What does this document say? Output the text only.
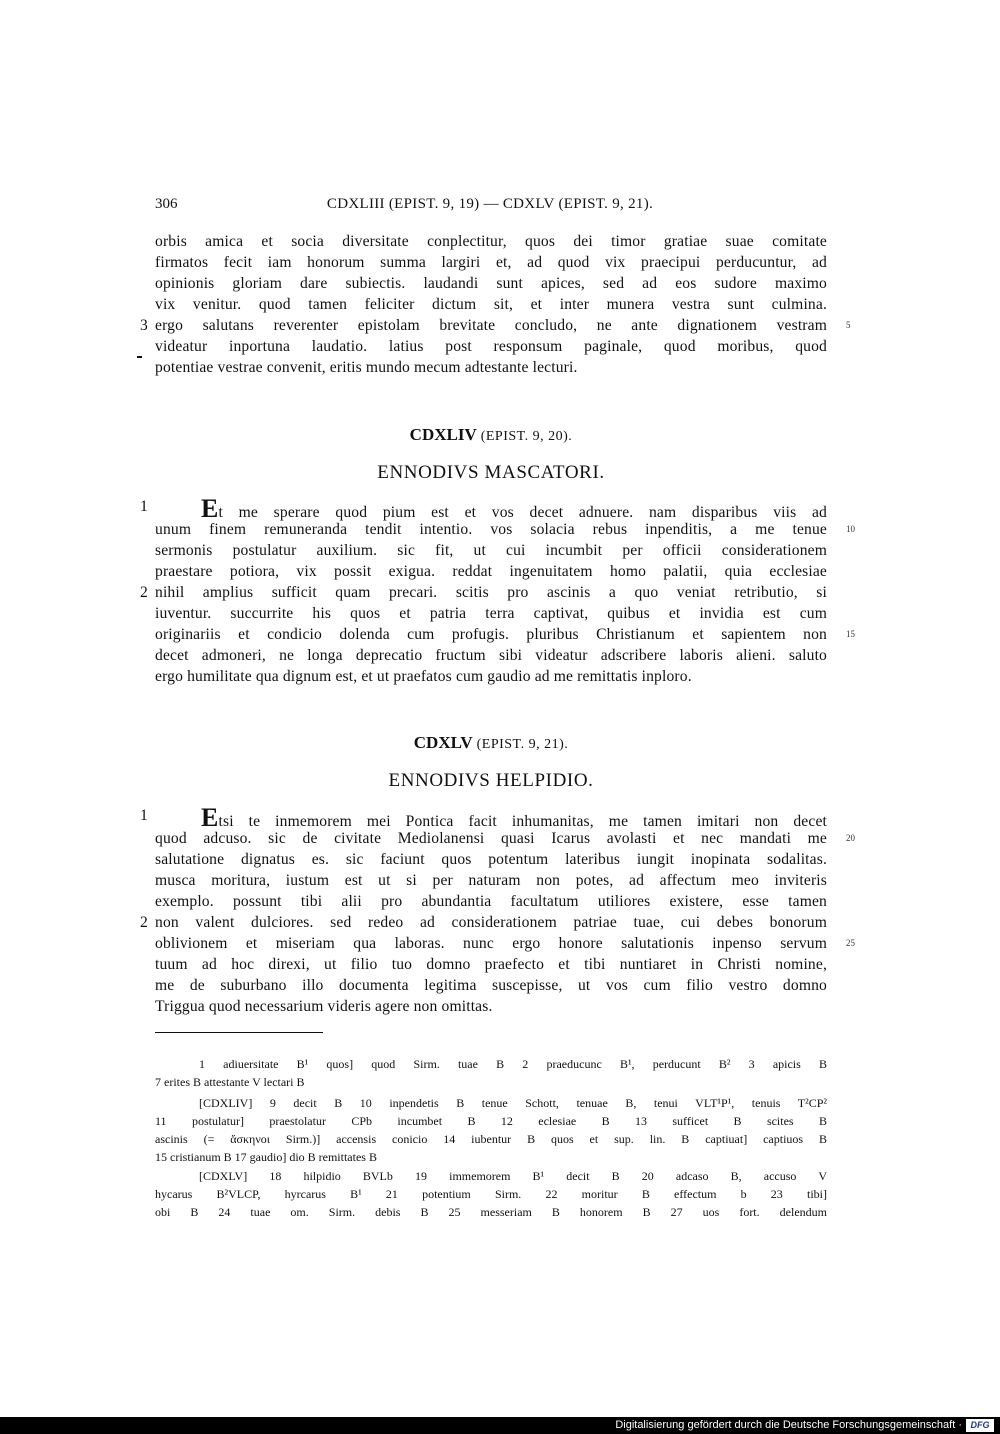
306	CDXLIII (EPIST. 9, 19) — CDXLV (EPIST. 9, 21).
orbis amica et socia diversitate conplectitur, quos dei timor gratiae suae comitate
firmatos fecit iam honorum summa largiri et, ad quod vix praecipui perducuntur, ad
opinionis gloriam dare subiectis. laudandi sunt apices, sed ad eos sudore maximo
vix venitur. quod tamen feliciter dictum sit, et inter munera vestra sunt culmina.
ergo salutans reverenter epistolam brevitate concludo, ne ante dignationem vestram
videatur inportuna laudatio. latius post responsum paginale, quod moribus, quod
potentiae vestrae convenit, eritis mundo mecum adtestante lecturi.
3	5
CDXLIV (EPIST. 9, 20).
ENNODIVS MASCATORI.
Et me sperare quod pium est et vos decet adnuere. nam disparibus viis ad
unum finem remuneranda tendit intentio. vos solacia rebus inpenditis, a me tenue
sermonis postulatur auxilium. sic fit, ut cui incumbit per officii considerationem
praestare potiora, vix possit exigua. reddat ingenuitatem homo palatii, quia ecclesiae
nihil amplius sufficit quam precari. scitis pro ascinis a quo veniat retributio, si
iuventur. succurrite his quos et patria terra captivat, quibus et invidia est cum
originariis et condicio dolenda cum profugis. pluribus Christianum et sapientem non
decet admoneri, ne longa deprecatio fructum sibi videatur adscribere laboris alieni. saluto
ergo humilitate qua dignum est, et ut praefatos cum gaudio ad me remittatis inploro.
1
2
10
15
CDXLV (EPIST. 9, 21).
ENNODIVS HELPIDIO.
Etsi te inmemorem mei Pontica facit inhumanitas, me tamen imitari non decet
quod adcuso. sic de civitate Mediolanensi quasi Icarus avolasti et nec mandati me
salutatione dignatus es. sic faciunt quos potentum lateribus iungit inopinata sodalitas.
musca moritura, iustum est ut si per naturam non potes, ad affectum meo inviteris
exemplo. possunt tibi alii pro abundantia facultatum utiliores existere, esse tamen
non valent dulciores. sed redeo ad considerationem patriae tuae, cui debes bonorum
oblivionem et miseriam qua laboras. nunc ergo honore salutationis inpenso servum
tuum ad hoc direxi, ut filio tuo domno praefecto et tibi nuntiaret in Christi nomine,
me de suburbano illo documenta legitima suscepisse, ut vos cum filio vestro domno
Triggua quod necessarium videris agere non omittas.
1
2
20
25
1 adiuersitate B¹ quos] quod Sirm. tuae B 2 praeducunc B¹, perducunt B² 3 apicis B
7 erites B attestante V lectari B
[CDXLIV] 9 decit B 10 inpendetis B tenue Schott, tenuae B, tenui VLT¹P¹, tenuis T²CP²
11 postulatur] praestolatur CPb incumbet B 12 eclesiae B 13 sufficet B scites B
ascinis (= ἄσκηνοι Sirm.)] accensis conicio 14 iubentur B quos et sup. lin. B captiuat] captiuos B
15 cristianum B 17 gaudio] dio B remittates B
[CDXLV] 18 hilpidio BVLb 19 immemorem B¹ decit B 20 adcaso B, accuso V
hycarus B²VLCP, hyrcarus B¹ 21 potentium Sirm. 22 moritur B effectum b 23 tibi]
obi B 24 tuae om. Sirm. debis B 25 messeriam B honorem B 27 uos fort. delendum
Digitalisierung gefördert durch die Deutsche Forschungsgemeinschaft · DFG
